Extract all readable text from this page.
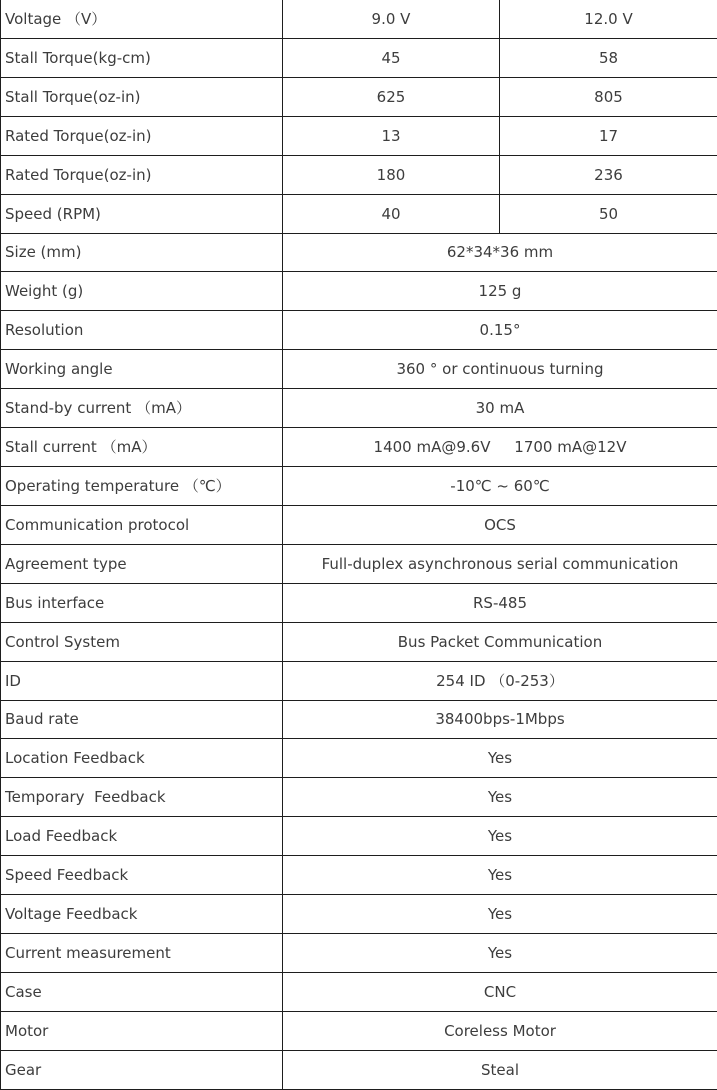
Voltage （V）	9.0 V	12.0 V
Stall Torque(kg-cm)	45	58
Stall Torque(oz-in)	625	805
Rated Torque(oz-in)	13	17
Rated Torque(oz-in)	180	236
Speed (RPM)	40	50
Size (mm)	62*34*36 mm	
Weight (g)	125 g	
Resolution	0.15°	
Working angle	360 ° or continuous turning	
Stand-by current （mA）	30 mA	
Stall current （mA）	1400 mA@9.6V     1700 mA@12V	
Operating temperature （℃）	-10℃ ~ 60℃	
Communication protocol	OCS	
Agreement type	Full-duplex asynchronous serial communication	
Bus interface	RS-485	
Control System	Bus Packet Communication	
ID	254 ID （0-253）	
Baud rate	38400bps-1Mbps	
Location Feedback	Yes	
Temporary  Feedback	Yes	
Load Feedback	Yes	
Speed Feedback	Yes	
Voltage Feedback	Yes	
Current measurement	Yes	
Case	CNC	
Motor	Coreless Motor	
Gear	Steal	
